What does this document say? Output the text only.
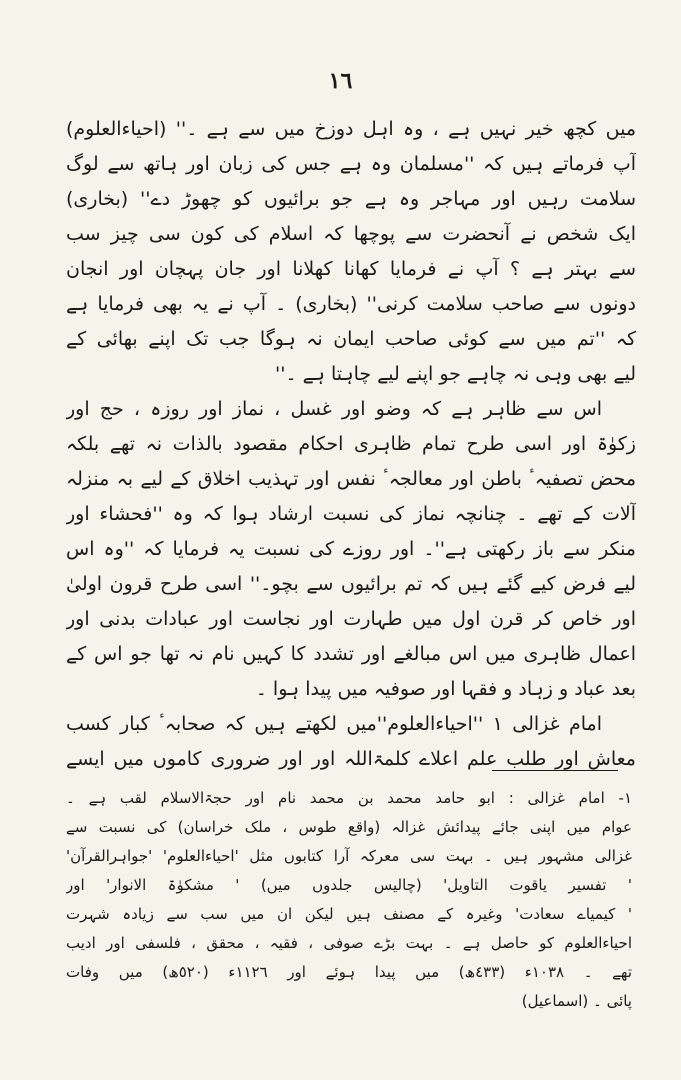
١٦
میں کچھ خیر نہیں ہے ، وہ اہل دوزخ میں سے ہے ۔'' (احیاءالعلوم)
آپ فرماتے ہیں کہ ''مسلمان وہ ہے جس کی زبان اور ہاتھ سے لوگ
سلامت رہیں اور مہاجر وہ ہے جو برائیوں کو چھوڑ دے'' (بخاری)
ایک شخص نے آنحضرت سے پوچھا کہ اسلام کی کون سی چیز سب
سے بہتر ہے ؟ آپ نے فرمایا کھانا کھلانا اور جان پہچان اور انجان
دونوں سے صاحب سلامت کرنی'' (بخاری) ۔ آپ نے یہ بھی فرمایا ہے
کہ ''تم میں سے کوئی صاحب ایمان نہ ہوگا جب تک اپنے بھائی کے
لیے بھی وہی نہ چاہے جو اپنے لیے چاہتا ہے ۔''
اس سے ظاہر ہے کہ وضو اور غسل ، نماز اور روزہ ، حج اور
زکوٰۃ اور اسی طرح تمام ظاہری احکام مقصود بالذات نہ تھے بلکہ
محض تصفیہٴ باطن اور معالجہٴ نفس اور تہذیب اخلاق کے لیے بہ منزلہ
آلات کے تھے ۔ چنانچہ نماز کی نسبت ارشاد ہوا کہ وہ ''فحشاء اور
منکر سے باز رکھتی ہے''۔ اور روزے کی نسبت یہ فرمایا کہ ''وہ اس
لیے فرض کیے گئے ہیں کہ تم برائیوں سے بچو۔'' اسی طرح قرون اولیٰ
اور خاص کر قرن اول میں طہارت اور نجاست اور عبادات بدنی اور
اعمال ظاہری میں اس مبالغے اور تشدد کا کہیں نام نہ تھا جو اس کے
بعد عباد و زہاد و فقہا اور صوفیہ میں پیدا ہوا ۔
امام غزالی ١ ''احیاءالعلوم''میں لکھتے ہیں کہ صحابہٴ کبار کسب
معاش اور طلب علم اعلاے کلمۃاللہ اور اور ضروری کاموں میں ایسے
١- امام غزالی : ابو حامد محمد بن محمد نام اور حجۃالاسلام لقب ہے ۔
عوام میں اپنی جائے پیدائش غزالہ (واقع طوس ، ملک خراسان) کی نسبت سے
غزالی مشہور ہیں ۔ بہت سی معرکہ آرا کتابوں مثل 'احیاءالعلوم' 'جواہرالقرآن'
' تفسیر یاقوت التاویل' (چالیس جلدوں میں) ' مشکوٰۃ الانوار' اور
' کیمیاے سعادت' وغیرہ کے مصنف ہیں لیکن ان میں سب سے زیادہ شہرت
احیاءالعلوم کو حاصل ہے ۔ بہت بڑے صوفی ، فقیہ ، محقق ، فلسفی اور ادیب
تھے ۔ ١٠٣٨ء (٤٣٣ھ) میں پیدا ہوئے اور ١١٢٦ء (٥٢٠ھ) میں وفات
پائی ۔ (اسماعیل)
